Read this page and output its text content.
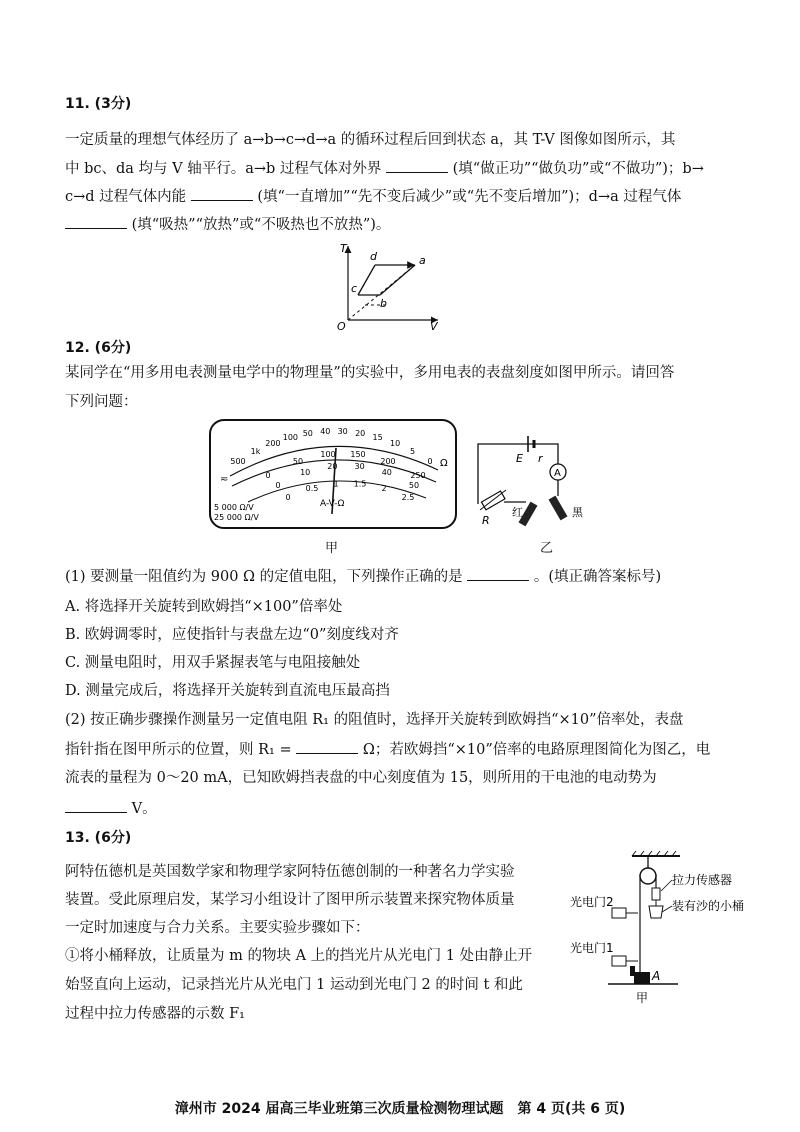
11. (3分)
一定质量的理想气体经历了 a→b→c→d→a 的循环过程后回到状态 a，其 T-V 图像如图所示，其
中 bc、da 均与 V 轴平行。a→b 过程气体对外界	(填“做正功”“做负功”或“不做功”)；b→
c→d 过程气体内能	(填“一直增加”“先不变后减少”或“先不变后增加”)；d→a 过程气体
(填“吸热”“放热”或“不吸热也不放热”)。
T
V
O
a
b
c
d
12. (6分)
某同学在“用多用电表测量电学中的物理量”的实验中，多用电表的表盘刻度如图甲所示。请回答
下列问题：
500
1k
200
100 50 40 30 20 15
10
5
0
0
50
100 150
200
250
0
10
20 30
40
50
0
0.5 1 1.5 2
2.5
Ω
≂
5 000 Ω/V
25 000 Ω/V
A-V-Ω
甲
E r
A
R
红	黑
乙
(1) 要测量一阻值约为 900 Ω 的定值电阻，下列操作正确的是	。(填正确答案标号)
A. 将选择开关旋转到欧姆挡“×100”倍率处
B. 欧姆调零时，应使指针与表盘左边“0”刻度线对齐
C. 测量电阻时，用双手紧握表笔与电阻接触处
D. 测量完成后，将选择开关旋转到直流电压最高挡
(2) 按正确步骤操作测量另一定值电阻 R₁ 的阻值时，选择开关旋转到欧姆挡“×10”倍率处，表盘
指针指在图甲所示的位置，则 R₁ =	Ω；若欧姆挡“×10”倍率的电路原理图简化为图乙，电
流表的量程为 0～20 mA，已知欧姆挡表盘的中心刻度值为 15，则所用的干电池的电动势为
V。
13. (6分)
阿特伍德机是英国数学家和物理学家阿特伍德创制的一种著名力学实验
装置。受此原理启发，某学习小组设计了图甲所示装置来探究物体质量
一定时加速度与合力关系。主要实验步骤如下：
①将小桶释放，让质量为 m 的物块 A 上的挡光片从光电门 1 处由静止开
始竖直向上运动，记录挡光片从光电门 1 运动到光电门 2 的时间 t 和此
过程中拉力传感器的示数 F₁
拉力传感器
装有沙的小桶
光电门2
光电门1
A
甲
漳州市 2024 届高三毕业班第三次质量检测物理试题　第 4 页(共 6 页)
